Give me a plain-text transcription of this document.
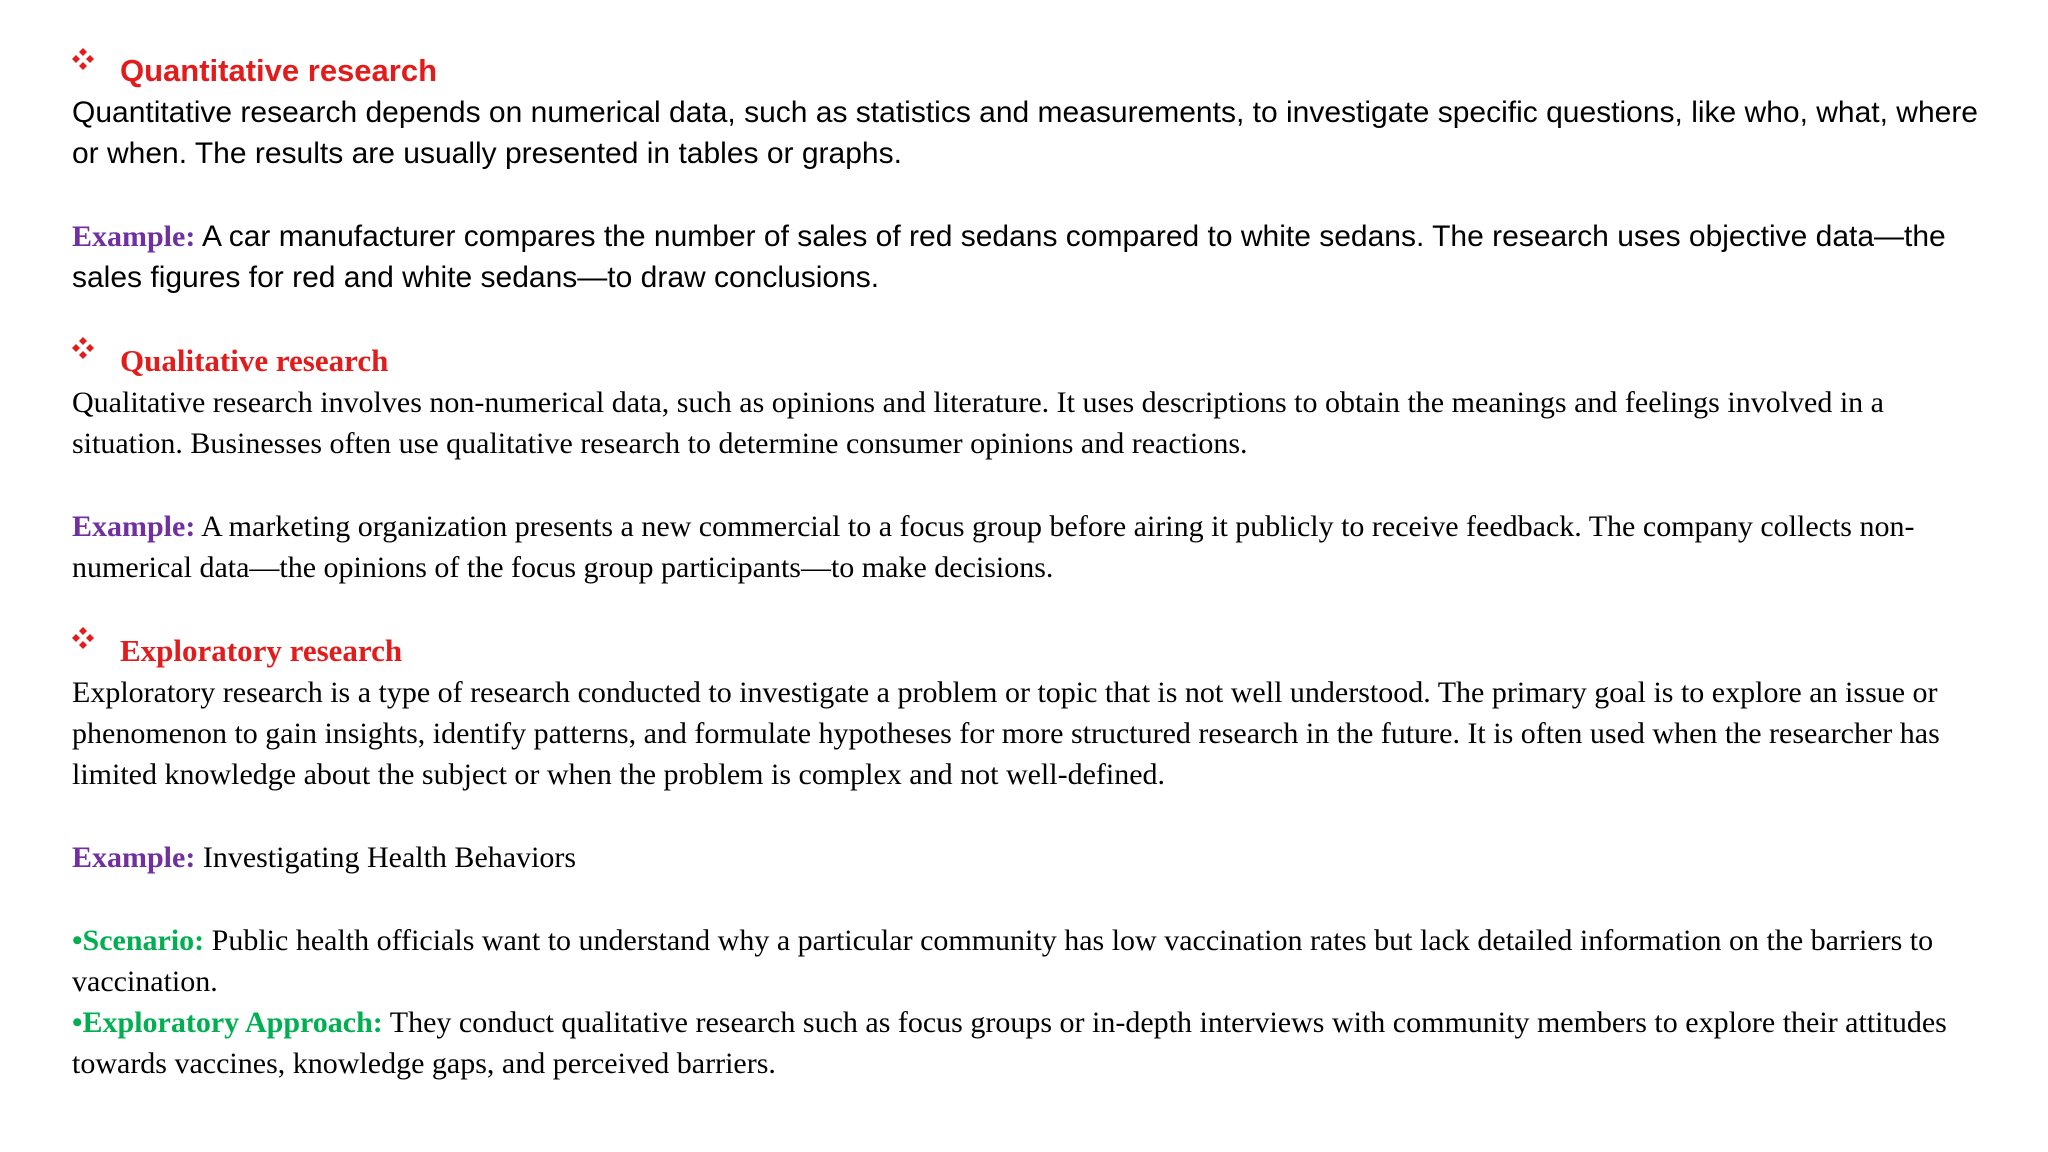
Quantitative research

Quantitative research depends on numerical data, such as statistics and measurements, to investigate specific questions, like who, what, where or when. The results are usually presented in tables or graphs.

Example: A car manufacturer compares the number of sales of red sedans compared to white sedans. The research uses objective data—the sales figures for red and white sedans—to draw conclusions.

Qualitative research

Qualitative research involves non-numerical data, such as opinions and literature. It uses descriptions to obtain the meanings and feelings involved in a situation. Businesses often use qualitative research to determine consumer opinions and reactions.

Example: A marketing organization presents a new commercial to a focus group before airing it publicly to receive feedback. The company collects non-numerical data—the opinions of the focus group participants—to make decisions.

Exploratory research

Exploratory research is a type of research conducted to investigate a problem or topic that is not well understood. The primary goal is to explore an issue or phenomenon to gain insights, identify patterns, and formulate hypotheses for more structured research in the future. It is often used when the researcher has limited knowledge about the subject or when the problem is complex and not well-defined.

Example: Investigating Health Behaviors

•Scenario: Public health officials want to understand why a particular community has low vaccination rates but lack detailed information on the barriers to vaccination.

•Exploratory Approach: They conduct qualitative research such as focus groups or in-depth interviews with community members to explore their attitudes towards vaccines, knowledge gaps, and perceived barriers.
